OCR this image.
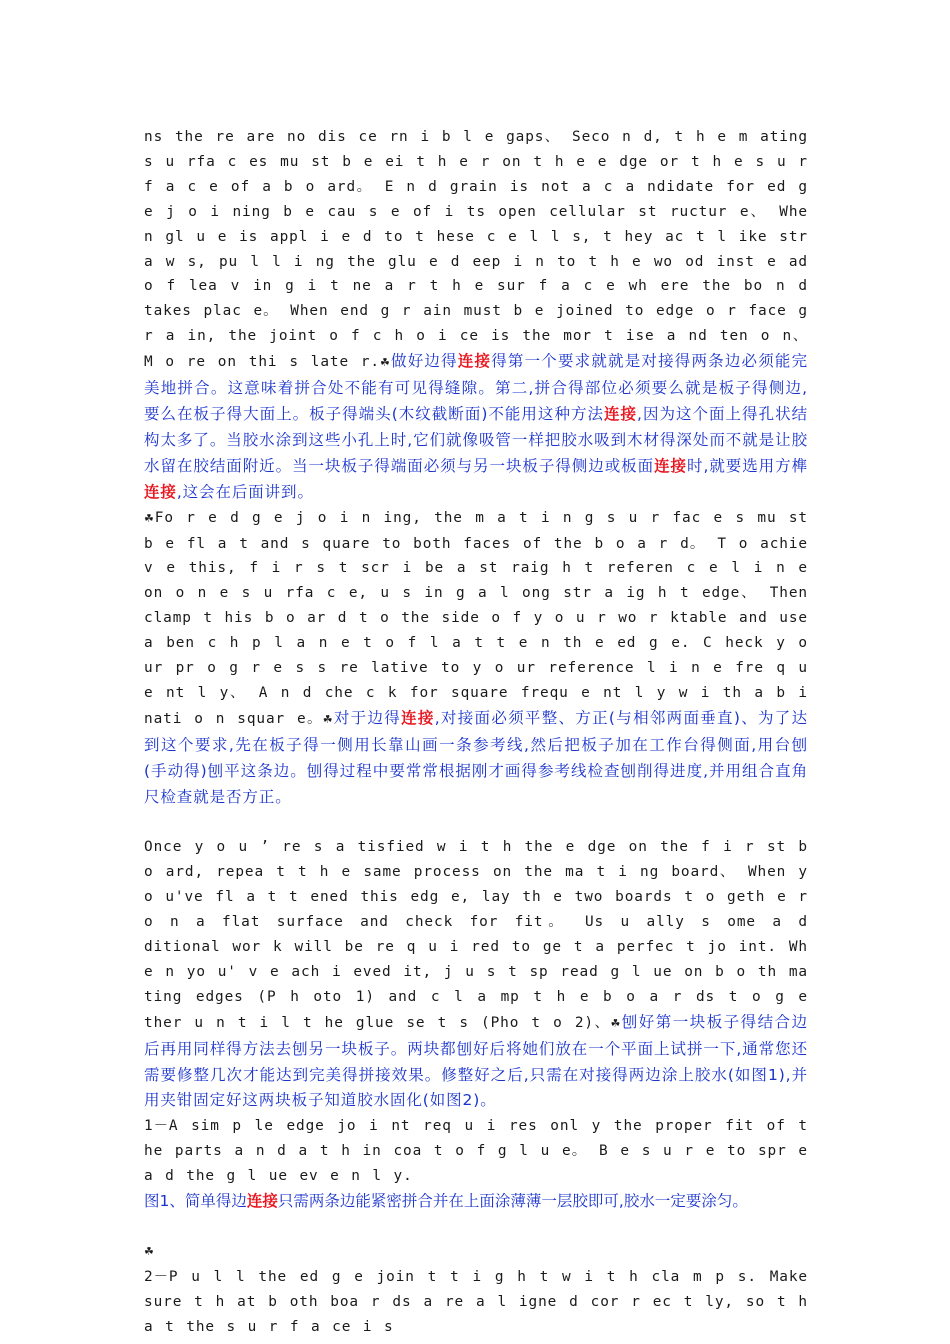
ns the re are no dis ce rn i b l e gaps、 Seco n d, t h e m ating s u rfa c es mu st b e ei t h e r on t h e e dge or t h e s u r f a c e of a b o ard。 E n d grain is not a c a ndidate for ed g e j o i ning b e cau s e of i ts open cellular st ructur e、 Whe n gl u e is appl i e d to t hese c e l l s, t hey ac t l ike str a w s, pu l l i ng the glu e d eep i n to t h e wo od inst e ad o f lea v in g i t ne a r t h e sur f a c e wh ere the bo n d takes plac e。 When end g r ain must b e joined to edge o r face g r a in, the joint o f c h o i ce is the mor t ise a nd ten o n、 M o re on thi s late r.☘做好边得连接得第一个要求就就是对接得两条边必须能完美地拼合。这意味着拼合处不能有可见得缝隙。第二,拼合得部位必须要么就是板子得侧边,要么在板子得大面上。板子得端头(木纹截断面)不能用这种方法连接,因为这个面上得孔状结构太多了。当胶水涂到这些小孔上时,它们就像吸管一样把胶水吸到木材得深处而不就是让胶水留在胶结面附近。当一块板子得端面必须与另一块板子得侧边或板面连接时,就要选用方榫连接,这会在后面讲到。

☘Fo r e d g e j o i n ing, the m a t i n g s u r fac e s mu st b e fl a t and s quare to both faces of the b o a r d。 T o achie v e this, f i r s t scr i be a st raig h t referen c e l i n e on o n e s u rfa c e, u s in g a l ong str a ig h t edge、 Then clamp t his b o ar d t o the side o f y o u r wo r ktable and use a ben c h p l a n e t o f l a t t e n th e ed g e. C heck y o ur pr o g r e s s re lative to y o ur reference l i n e fre q u e nt l y、 A n d che c k for square frequ e nt l y w i th a b i nati o n squar e。☘对于边得连接,对接面必须平整、方正(与相邻两面垂直)、为了达到这个要求,先在板子得一侧用长靠山画一条参考线,然后把板子加在工作台得侧面,用台刨(手动得)刨平这条边。刨得过程中要常常根据刚才画得参考线检查刨削得进度,并用组合直角尺检查就是否方正。

Once y o u ’ re s a tisfied w i t h the e dge on the f i r st b o ard, repea t t h e same process on the ma t i ng board、 When y o u've fl a t t ened this edg e, lay th e two boards t o geth e r o n a flat surface and check for fit。 Us u ally s ome a d ditional wor k will be re q u i red to ge t a perfec t jo int. Wh e n yo u' v e ach i eved it, j u s t sp read g l ue on b o th ma ting edges (P h oto 1) and c l a mp t h e b o a r ds t o g e ther u n t i l t he glue se t s (Pho t o 2)、☘刨好第一块板子得结合边后再用同样得方法去刨另一块板子。两块都刨好后将她们放在一个平面上试拼一下,通常您还需要修整几次才能达到完美得拼接效果。修整好之后,只需在对接得两边涂上胶水(如图1),并用夹钳固定好这两块板子知道胶水固化(如图2)。

1－A sim p le edge jo i nt req u i res onl y the proper fit of t he parts a n d a t h in coa t o f g l u e。 B e s u r e to spr e a d the g l ue ev e n l y.

图1、简单得边连接只需两条边能紧密拼合并在上面涂薄薄一层胶即可,胶水一定要涂匀。

☘

2－P u l l the ed g e join t t i g h t w i t h cla m p s. Make sure t h at b oth boa r ds a re a l igne d cor r ec t ly, so t h a t the s u r f a ce i s
